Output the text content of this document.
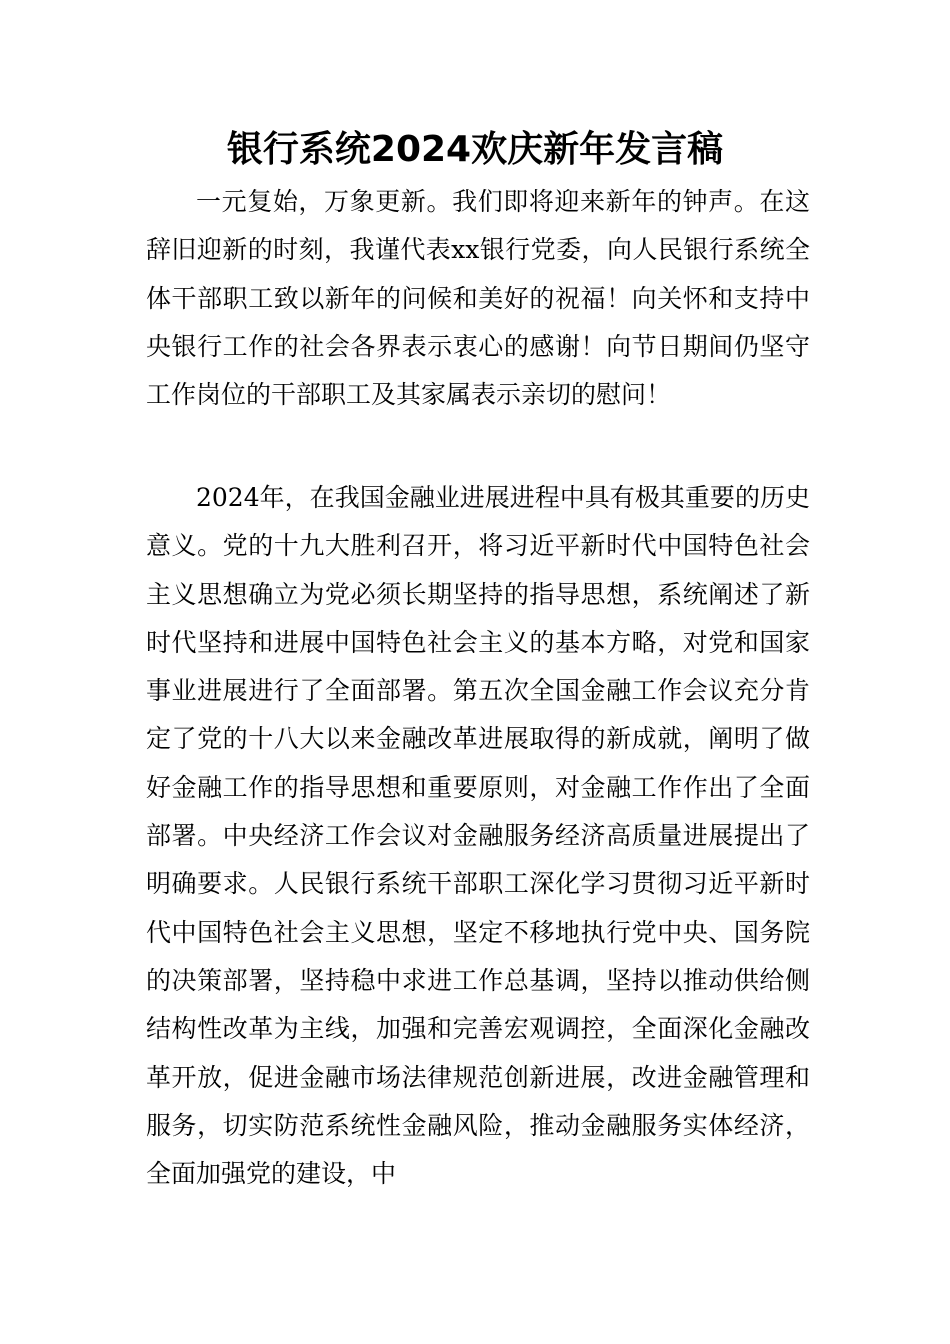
银行系统2024欢庆新年发言稿

一元复始，万象更新。我们即将迎来新年的钟声。在这辞旧迎新的时刻，我谨代表xx银行党委，向人民银行系统全体干部职工致以新年的问候和美好的祝福！向关怀和支持中央银行工作的社会各界表示衷心的感谢！向节日期间仍坚守工作岗位的干部职工及其家属表示亲切的慰问！

2024年，在我国金融业进展进程中具有极其重要的历史意义。党的十九大胜利召开，将习近平新时代中国特色社会主义思想确立为党必须长期坚持的指导思想，系统阐述了新时代坚持和进展中国特色社会主义的基本方略，对党和国家事业进展进行了全面部署。第五次全国金融工作会议充分肯定了党的十八大以来金融改革进展取得的新成就，阐明了做好金融工作的指导思想和重要原则，对金融工作作出了全面部署。中央经济工作会议对金融服务经济高质量进展提出了明确要求。人民银行系统干部职工深化学习贯彻习近平新时代中国特色社会主义思想，坚定不移地执行党中央、国务院的决策部署，坚持稳中求进工作总基调，坚持以推动供给侧结构性改革为主线，加强和完善宏观调控，全面深化金融改革开放，促进金融市场法律规范创新进展，改进金融管理和服务，切实防范系统性金融风险，推动金融服务实体经济，全面加强党的建设，中
